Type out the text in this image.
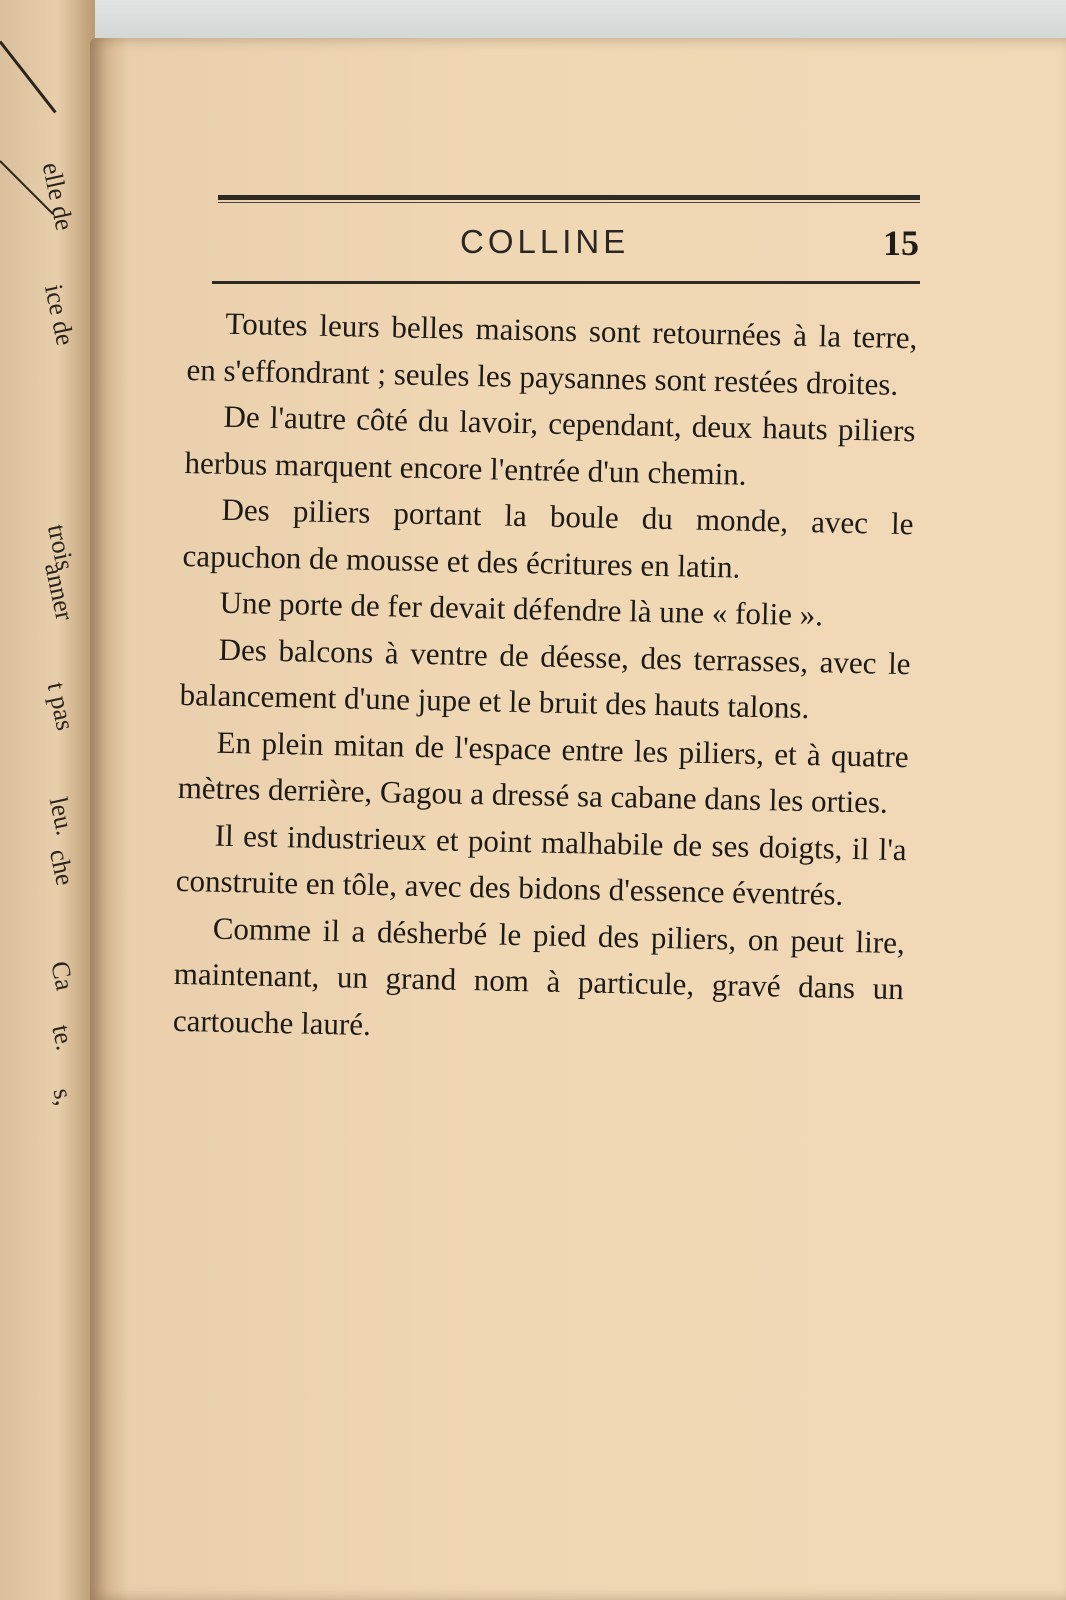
elle de
ice de
trois
anner
t pas
leu.
che
Ca
te.
s,
COLLINE	15

Toutes leurs belles maisons sont retournées à la terre, en s'effondrant ; seules les paysannes sont restées droites.

De l'autre côté du lavoir, cependant, deux hauts piliers herbus marquent encore l'entrée d'un chemin.

Des piliers portant la boule du monde, avec le capuchon de mousse et des écritures en latin.

Une porte de fer devait défendre là une « folie ».

Des balcons à ventre de déesse, des terrasses, avec le balancement d'une jupe et le bruit des hauts talons.

En plein mitan de l'espace entre les piliers, et à quatre mètres derrière, Gagou a dressé sa cabane dans les orties.

Il est industrieux et point malhabile de ses doigts, il l'a construite en tôle, avec des bidons d'essence éventrés.

Comme il a désherbé le pied des piliers, on peut lire, maintenant, un grand nom à particule, gravé dans un cartouche lauré.
